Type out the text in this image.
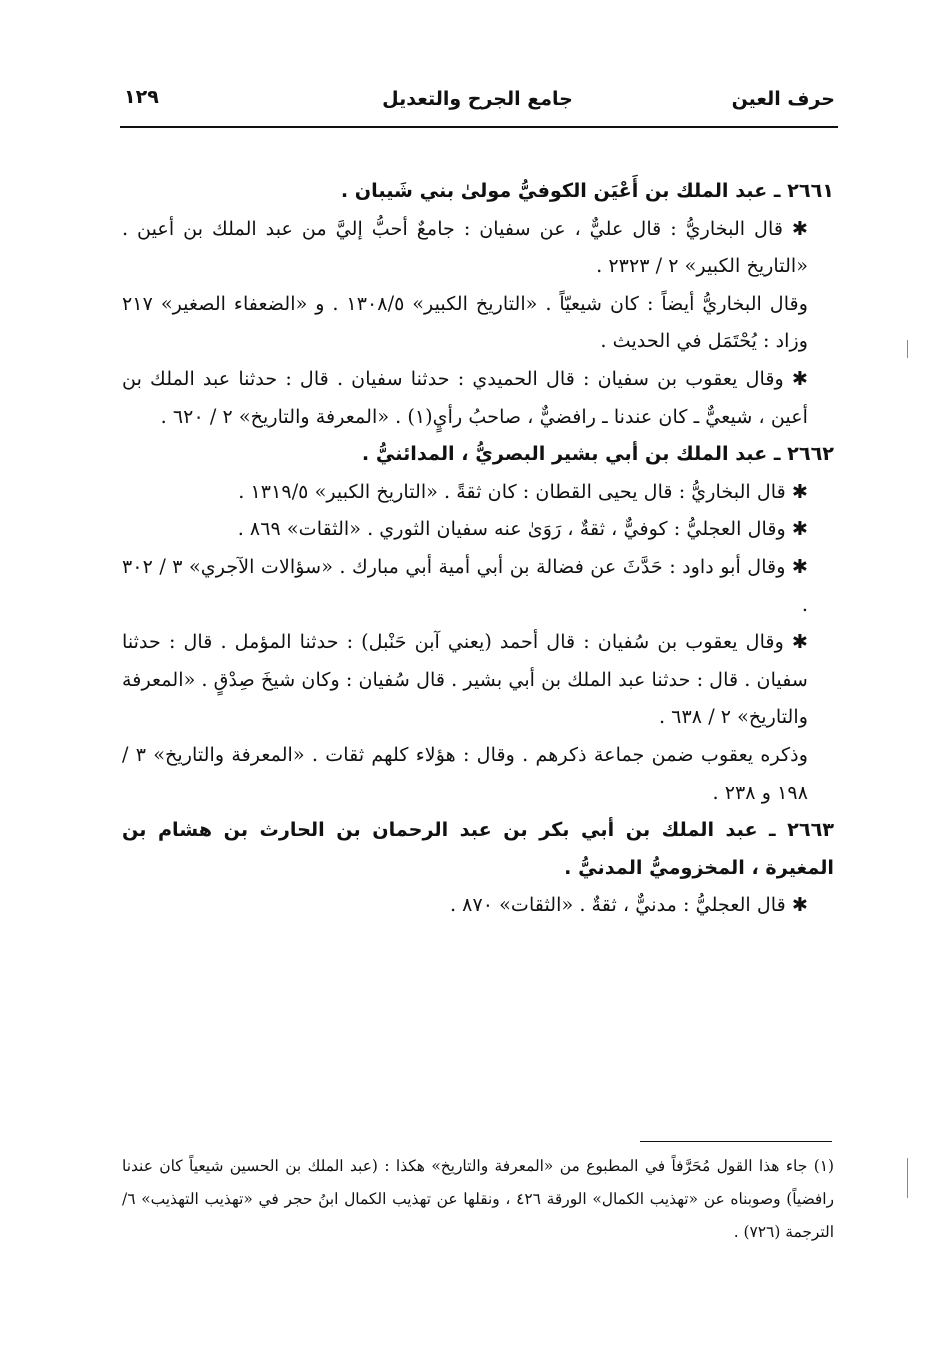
حرف العين
جامع الجرح والتعديل
١٢٩

٢٦٦١ ـ عبد الملك بن أَعْيَن الكوفيُّ مولىٰ بني شَيبان .

✱ قال البخاريُّ : قال عليٌّ ، عن سفيان : جامعٌ أحبُّ إليَّ من عبد الملك بن أعين . «التاريخ الكبير» ٢ / ٢٣٢٣ .

وقال البخاريُّ أيضاً : كان شيعيّاً . «التاريخ الكبير» ١٣٠٨/٥ . و «الضعفاء الصغير» ٢١٧ وزاد : يُحْتَمَل في الحديث .

✱ وقال يعقوب بن سفيان : قال الحميدي : حدثنا سفيان . قال : حدثنا عبد الملك بن أعين ، شيعيٌّ ـ كان عندنا ـ رافضيٌّ ، صاحبُ رأيٍ(١) . «المعرفة والتاريخ» ٢ / ٦٢٠ .

٢٦٦٢ ـ عبد الملك بن أبي بشير البصريُّ ، المدائنيُّ .

✱ قال البخاريُّ : قال يحيى القطان : كان ثقةً . «التاريخ الكبير» ١٣١٩/٥ .

✱ وقال العجليُّ : كوفيٌّ ، ثقةٌ ، رَوَىٰ عنه سفيان الثوري . «الثقات» ٨٦٩ .

✱ وقال أبو داود : حَدَّثَ عن فضالة بن أبي أمية أبي مبارك . «سؤالات الآجري» ٣ / ٣٠٢ .

✱ وقال يعقوب بن سُفيان : قال أحمد (يعني آبن حَنْبل) : حدثنا المؤمل . قال : حدثنا سفيان . قال : حدثنا عبد الملك بن أبي بشير . قال سُفيان : وكان شيخَ صِدْقٍ . «المعرفة والتاريخ» ٢ / ٦٣٨ .

وذكره يعقوب ضمن جماعة ذكرهم . وقال : هؤلاء كلهم ثقات . «المعرفة والتاريخ» ٣ / ١٩٨ و ٢٣٨ .

٢٦٦٣ ـ عبد الملك بن أبي بكر بن عبد الرحمان بن الحارث بن هشام بن المغيرة ، المخزوميُّ المدنيُّ .

✱ قال العجليُّ : مدنيٌّ ، ثقةٌ . «الثقات» ٨٧٠ .

(١) جاء هذا القول مُحَرَّفاً في المطبوع من «المعرفة والتاريخ» هكذا : (عبد الملك بن الحسين شيعياً كان عندنا رافضياً) وصوبناه عن «تهذيب الكمال» الورقة ٤٢٦ ، ونقلها عن تهذيب الكمال ابنُ حجر في «تهذيب التهذيب» ٦/الترجمة (٧٢٦) .
